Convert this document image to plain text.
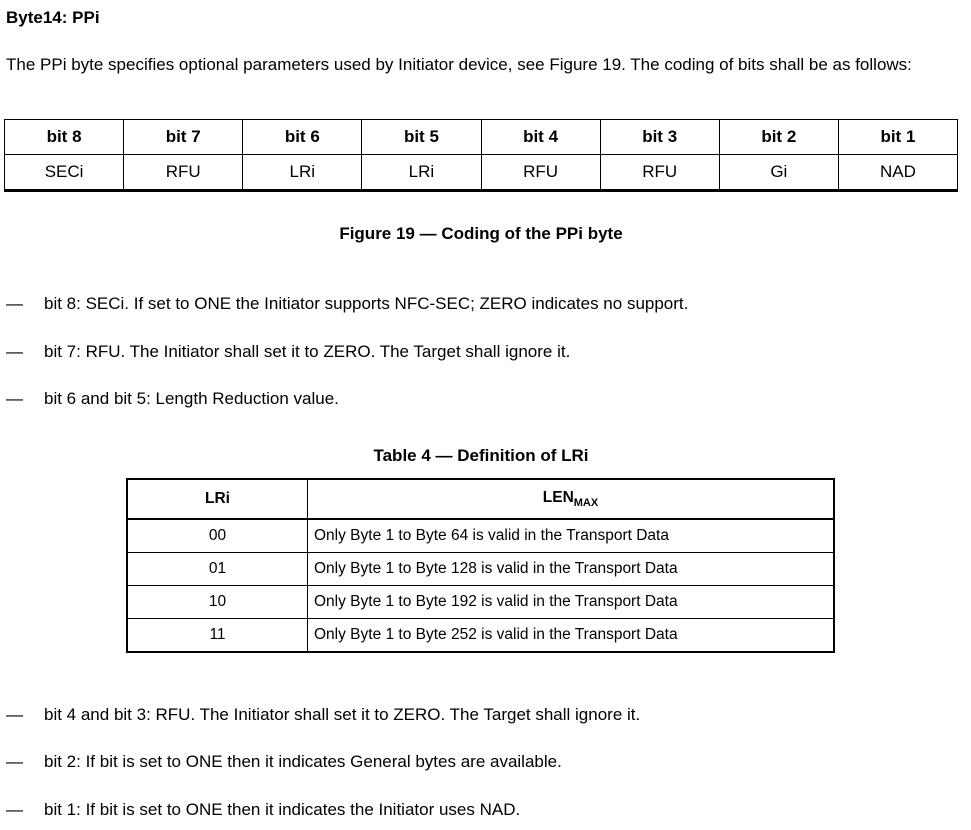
Byte14: PPi
The PPi byte specifies optional parameters used by Initiator device, see Figure 19. The coding of bits shall be as follows:
bit 8	bit 7	bit 6	bit 5	bit 4	bit 3	bit 2	bit 1
SECi	RFU	LRi	LRi	RFU	RFU	Gi	NAD
Figure 19 — Coding of the PPi byte
— bit 8: SECi. If set to ONE the Initiator supports NFC-SEC; ZERO indicates no support.
— bit 7: RFU. The Initiator shall set it to ZERO. The Target shall ignore it.
— bit 6 and bit 5: Length Reduction value.
Table 4 — Definition of LRi
LRi	$LEN_{MAX}$
00	Only Byte 1 to Byte 64 is valid in the Transport Data
01	Only Byte 1 to Byte 128 is valid in the Transport Data
10	Only Byte 1 to Byte 192 is valid in the Transport Data
11	Only Byte 1 to Byte 252 is valid in the Transport Data
— bit 4 and bit 3: RFU. The Initiator shall set it to ZERO. The Target shall ignore it.
— bit 2: If bit is set to ONE then it indicates General bytes are available.
— bit 1: If bit is set to ONE then it indicates the Initiator uses NAD.
